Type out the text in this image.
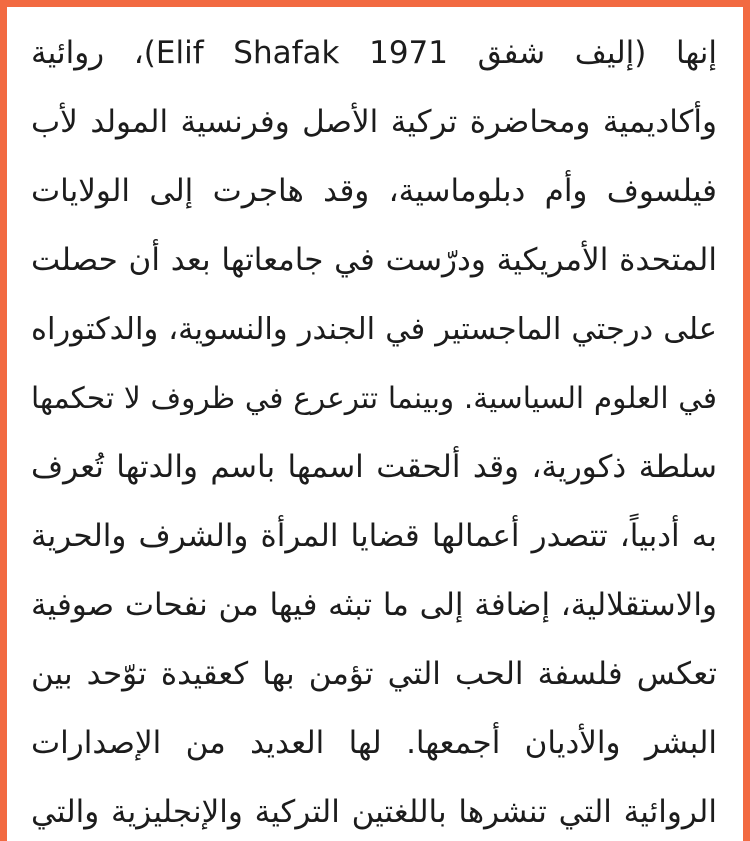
إنها (إليف شفق Elif Shafak 1971)، روائية
وأكاديمية ومحاضرة تركية الأصل وفرنسية المولد لأب
فيلسوف وأم دبلوماسية، وقد هاجرت إلى الولايات
المتحدة الأمريكية ودرّست في جامعاتها بعد أن حصلت
على درجتي الماجستير في الجندر والنسوية، والدكتوراه
في العلوم السياسية. وبينما تترعرع في ظروف لا تحكمها
سلطة ذكورية، وقد ألحقت اسمها باسم والدتها تُعرف
به أدبياً، تتصدر أعمالها قضايا المرأة والشرف والحرية
والاستقلالية، إضافة إلى ما تبثه فيها من نفحات صوفية
تعكس فلسفة الحب التي تؤمن بها كعقيدة توّحد بين
البشر والأديان أجمعها. لها العديد من الإصدارات
الروائية التي تنشرها باللغتين التركية والإنجليزية والتي
